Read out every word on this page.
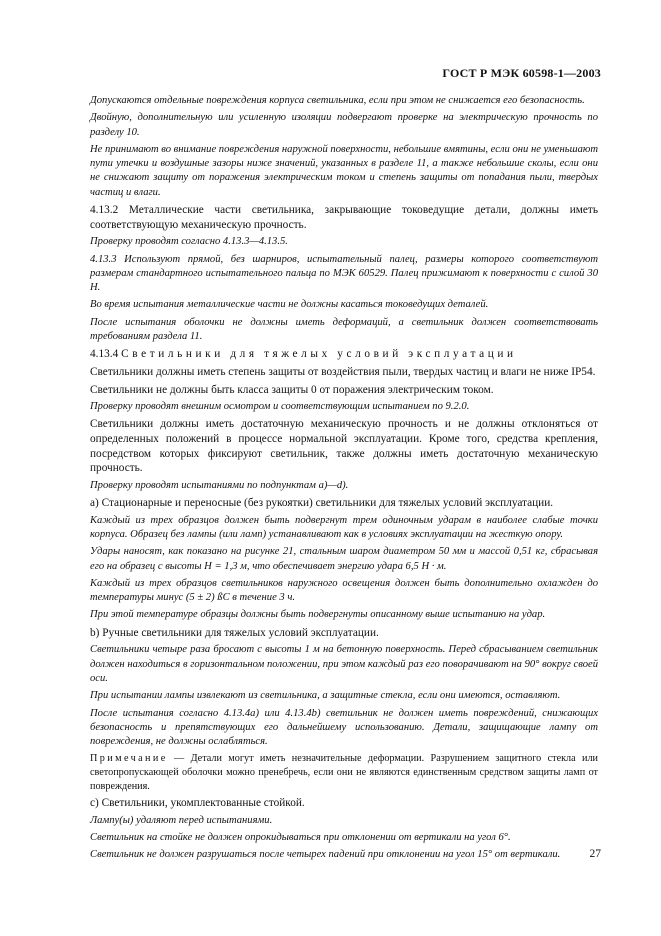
ГОСТ Р МЭК 60598-1—2003

Допускаются отдельные повреждения корпуса светильника, если при этом не снижается его безопасность.

Двойную, дополнительную или усиленную изоляции подвергают проверке на электрическую прочность по разделу 10.

Не принимают во внимание повреждения наружной поверхности, небольшие вмятины, если они не уменьшают пути утечки и воздушные зазоры ниже значений, указанных в разделе 11, а также небольшие сколы, если они не снижают защиту от поражения электрическим током и степень защиты от попадания пыли, твердых частиц и влаги.

4.13.2 Металлические части светильника, закрывающие токоведущие детали, должны иметь соответствующую механическую прочность.

Проверку проводят согласно 4.13.3—4.13.5.

4.13.3 Используют прямой, без шарниров, испытательный палец, размеры которого соответствуют размерам стандартного испытательного пальца по МЭК 60529. Палец прижимают к поверхности с силой 30 Н.

Во время испытания металлические части не должны касаться токоведущих деталей.

После испытания оболочки не должны иметь деформаций, а светильник должен соответствовать требованиям раздела 11.

4.13.4 Светильники для тяжелых условий эксплуатации

Светильники должны иметь степень защиты от воздействия пыли, твердых частиц и влаги не ниже IP54.

Светильники не должны быть класса защиты 0 от поражения электрическим током.

Проверку проводят внешним осмотром и соответствующим испытанием по 9.2.0.

Светильники должны иметь достаточную механическую прочность и не должны отклоняться от определенных положений в процессе нормальной эксплуатации. Кроме того, средства крепления, посредством которых фиксируют светильник, также должны иметь достаточную механическую прочность.

Проверку проводят испытаниями по подпунктам a)—d).

a) Стационарные и переносные (без рукоятки) светильники для тяжелых условий эксплуатации.

Каждый из трех образцов должен быть подвергнут трем одиночным ударам в наиболее слабые точки корпуса. Образец без лампы (или ламп) устанавливают как в условиях эксплуатации на жесткую опору.

Удары наносят, как показано на рисунке 21, стальным шаром диаметром 50 мм и массой 0,51 кг, сбрасывая его на образец с высоты H = 1,3 м, что обеспечивает энергию удара 6,5 Н · м.

Каждый из трех образцов светильников наружного освещения должен быть дополнительно охлажден до температуры минус (5 ± 2) ßС в течение 3 ч.

При этой температуре образцы должны быть подвергнуты описанному выше испытанию на удар.

b) Ручные светильники для тяжелых условий эксплуатации.

Светильники четыре раза бросают с высоты 1 м на бетонную поверхность. Перед сбрасыванием светильник должен находиться в горизонтальном положении, при этом каждый раз его поворачивают на 90° вокруг своей оси.

При испытании лампы извлекают из светильника, а защитные стекла, если они имеются, оставляют.

После испытания согласно 4.13.4a) или 4.13.4b) светильник не должен иметь повреждений, снижающих безопасность и препятствующих его дальнейшему использованию. Детали, защищающие лампу от повреждения, не должны ослабляться.

Примечание — Детали могут иметь незначительные деформации. Разрушением защитного стекла или светопропускающей оболочки можно пренебречь, если они не являются единственным средством защиты ламп от повреждения.

c) Светильники, укомплектованные стойкой.

Лампу(ы) удаляют перед испытаниями.

Светильник на стойке не должен опрокидываться при отклонении от вертикали на угол 6°.

Светильник не должен разрушаться после четырех падений при отклонении на угол 15° от вертикали.	27
